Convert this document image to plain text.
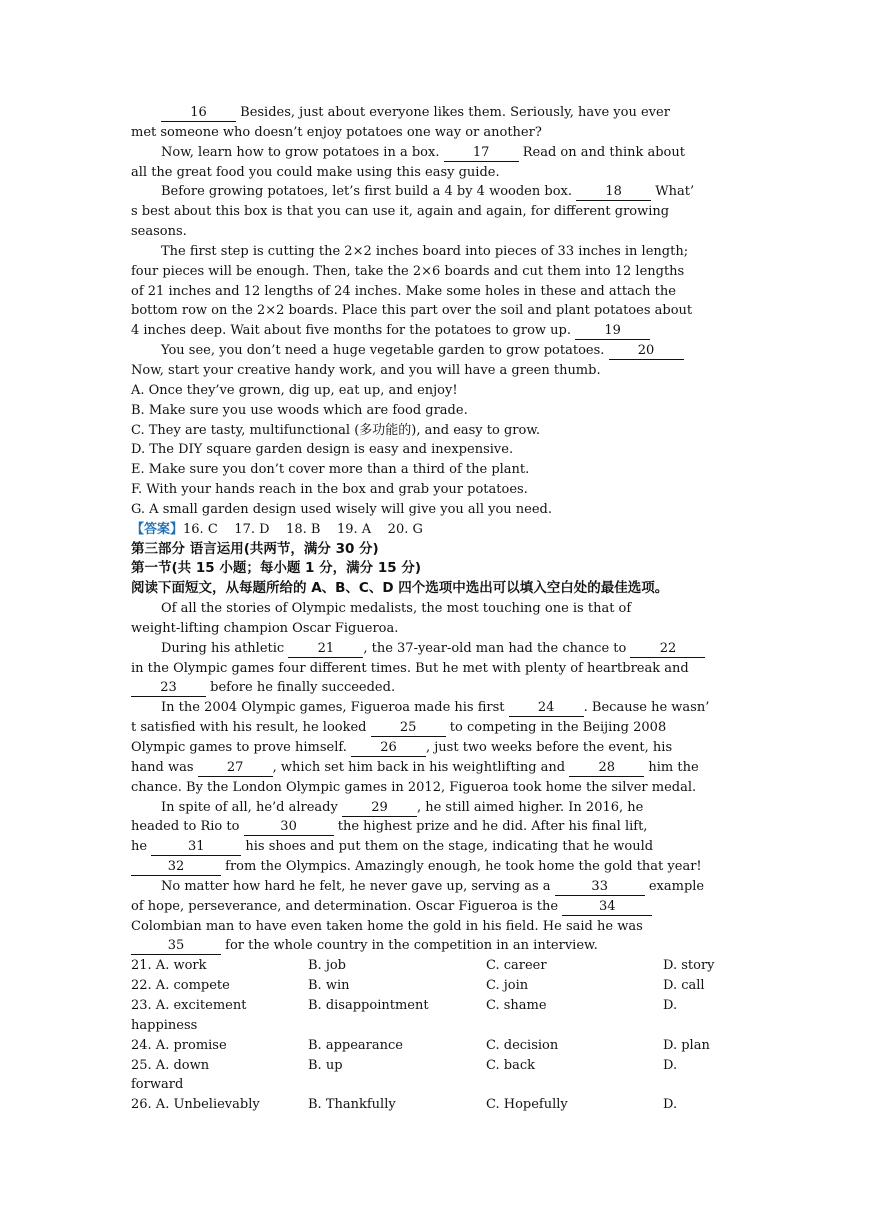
16	Besides, just about everyone likes them. Seriously, have you ever
met someone who doesn’t enjoy potatoes one way or another?
Now, learn how to grow potatoes in a box.	17	Read on and think about
all the great food you could make using this easy guide.
Before growing potatoes, let’s first build a 4 by 4 wooden box.	18	What’
s best about this box is that you can use it, again and again, for different growing
seasons.
The first step is cutting the 2×2 inches board into pieces of 33 inches in length;
four pieces will be enough. Then, take the 2×6 boards and cut them into 12 lengths
of 21 inches and 12 lengths of 24 inches. Make some holes in these and attach the
bottom row on the 2×2 boards. Place this part over the soil and plant potatoes about
4 inches deep. Wait about five months for the potatoes to grow up.	19
You see, you don’t need a huge vegetable garden to grow potatoes.	20
Now, start your creative handy work, and you will have a green thumb.
A. Once they’ve grown, dig up, eat up, and enjoy!
B. Make sure you use woods which are food grade.
C. They are tasty, multifunctional (多功能的), and easy to grow.
D. The DIY square garden design is easy and inexpensive.
E. Make sure you don’t cover more than a third of the plant.
F. With your hands reach in the box and grab your potatoes.
G. A small garden design used wisely will give you all you need.
【答案】16. C    17. D    18. B    19. A    20. G
第三部分 语言运用(共两节，满分 30 分)
第一节(共 15 小题；每小题 1 分，满分 15 分)
阅读下面短文，从每题所给的 A、B、C、D 四个选项中选出可以填入空白处的最佳选项。
Of all the stories of Olympic medalists, the most touching one is that of
weight-lifting champion Oscar Figueroa.
During his athletic	21 , the 37-year-old man had the chance to	22
in the Olympic games four different times. But he met with plenty of heartbreak and
23	before he finally succeeded.
In the 2004 Olympic games, Figueroa made his first	24 . Because he wasn’
t satisfied with his result, he looked	25	to competing in the Beijing 2008
Olympic games to prove himself.	26 , just two weeks before the event, his
hand was	27 , which set him back in his weightlifting and	28	him the
chance. By the London Olympic games in 2012, Figueroa took home the silver medal.
In spite of all, he’d already	29 , he still aimed higher. In 2016, he
headed to Rio to	30	the highest prize and he did. After his final lift,
he	31	his shoes and put them on the stage, indicating that he would
32	from the Olympics. Amazingly enough, he took home the gold that year!
No matter how hard he felt, he never gave up, serving as a	33	example
of hope, perseverance, and determination. Oscar Figueroa is the	34
Colombian man to have even taken home the gold in his field. He said he was
35	for the whole country in the competition in an interview.
21. A. work	B. job	C. career	D. story
22. A. compete	B. win	C. join	D. call
23. A. excitement	B. disappointment	C. shame	D.
happiness
24. A. promise	B. appearance	C. decision	D. plan
25. A. down	B. up	C. back	D.
forward
26. A. Unbelievably	B. Thankfully	C. Hopefully	D.
